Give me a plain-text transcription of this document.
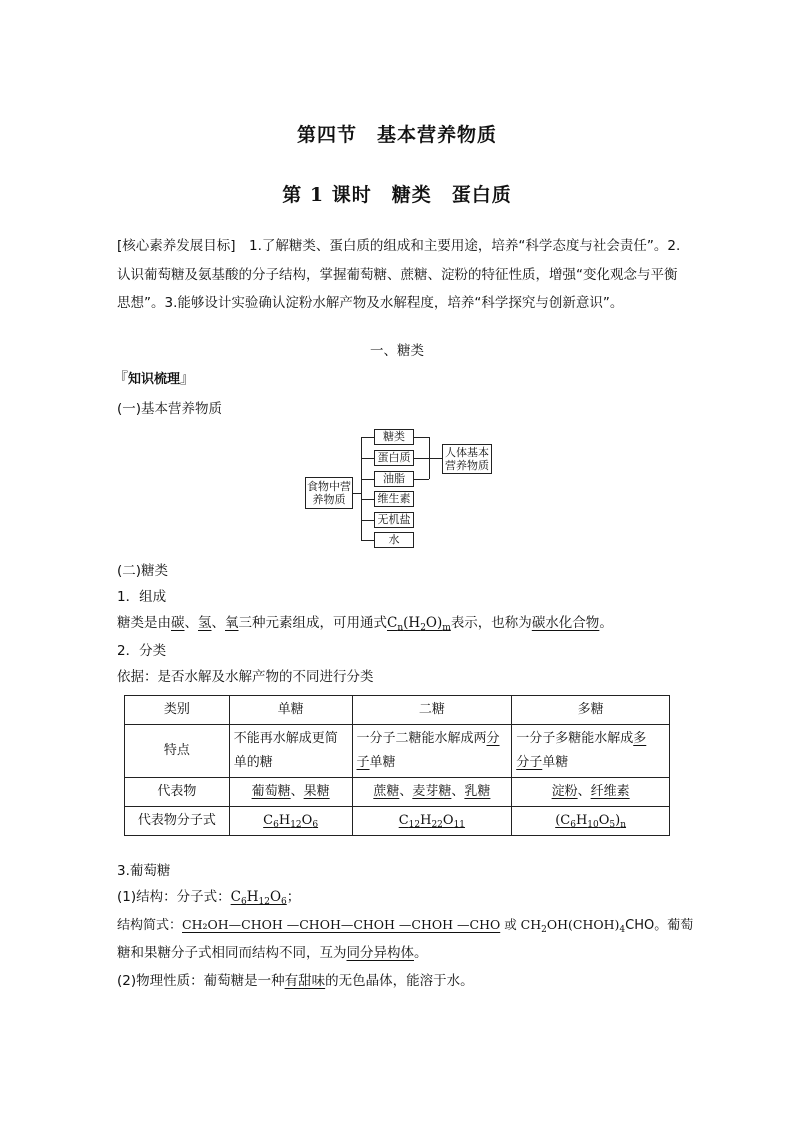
第四节　基本营养物质
第 1 课时　糖类　蛋白质
[核心素养发展目标]　1.了解糖类、蛋白质的组成和主要用途，培养“科学态度与社会责任”。2.认识葡萄糖及氨基酸的分子结构，掌握葡萄糖、蔗糖、淀粉的特征性质，增强“变化观念与平衡思想”。3.能够设计实验确认淀粉水解产物及水解程度，培养“科学探究与创新意识”。
一、糖类
『知识梳理』
(一)基本营养物质
食物中营养物质
糖类
蛋白质
油脂
维生素
无机盐
水
人体基本营养物质
(二)糖类
1．组成
糖类是由碳、氢、氧三种元素组成，可用通式$C_n(H_2O)_m$表示，也称为碳水化合物。
2．分类
依据：是否水解及水解产物的不同进行分类
类别	单糖	二糖	多糖
特点	不能再水解成更简单的糖	一分子二糖能水解成两分子单糖	一分子多糖能水解成多
分子单糖
代表物	葡萄糖、果糖	蔗糖、麦芽糖、乳糖	淀粉、纤维素
代表物分子式	$C_6H_{12}O_6$	$C_{12}H_{22}O_{11}$	$(C_6H_{10}O_5)_n$
3.葡萄糖
(1)结构：分子式：$C_6H_{12}O_6$；
结构简式：CH₂OH—CHOH —CHOH—CHOH —CHOH —CHO 或 $CH_2OH(CHOH)_4CHO$。葡萄
糖和果糖分子式相同而结构不同，互为同分异构体。
(2)物理性质：葡萄糖是一种有甜味的无色晶体，能溶于水。
